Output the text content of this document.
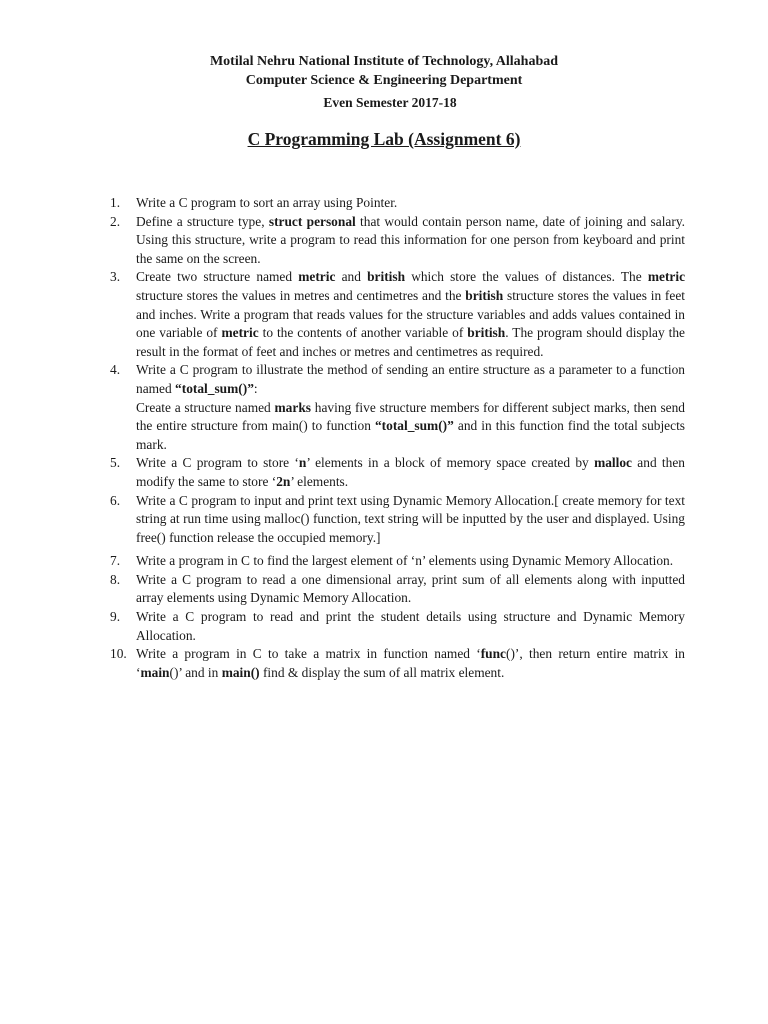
Motilal Nehru National Institute of Technology, Allahabad
Computer Science & Engineering Department
Even Semester 2017-18
C Programming Lab (Assignment 6)
1. Write a C program to sort an array using Pointer.
2. Define a structure type, struct personal that would contain person name, date of joining and salary. Using this structure, write a program to read this information for one person from keyboard and print the same on the screen.
3. Create two structure named metric and british which store the values of distances. The metric structure stores the values in metres and centimetres and the british structure stores the values in feet and inches. Write a program that reads values for the structure variables and adds values contained in one variable of metric to the contents of another variable of british. The program should display the result in the format of feet and inches or metres and centimetres as required.
4. Write a C program to illustrate the method of sending an entire structure as a parameter to a function named “total_sum()”:
Create a structure named marks having five structure members for different subject marks, then send the entire structure from main() to function “total_sum()” and in this function find the total subjects mark.
5. Write a C program to store ‘n’ elements in a block of memory space created by malloc and then modify the same to store ‘2n’ elements.
6. Write a C program to input and print text using Dynamic Memory Allocation.[ create memory for text string at run time using malloc() function, text string will be inputted by the user and displayed. Using free() function release the occupied memory.]
7. Write a program in C to find the largest element of ‘n’ elements using Dynamic Memory Allocation.
8. Write a C program to read a one dimensional array, print sum of all elements along with inputted array elements using Dynamic Memory Allocation.
9. Write a C program to read and print the student details using structure and Dynamic Memory Allocation.
10. Write a program in C to take a matrix in function named ‘func()’, then return entire matrix in ‘main()’ and in main() find & display the sum of all matrix element.
